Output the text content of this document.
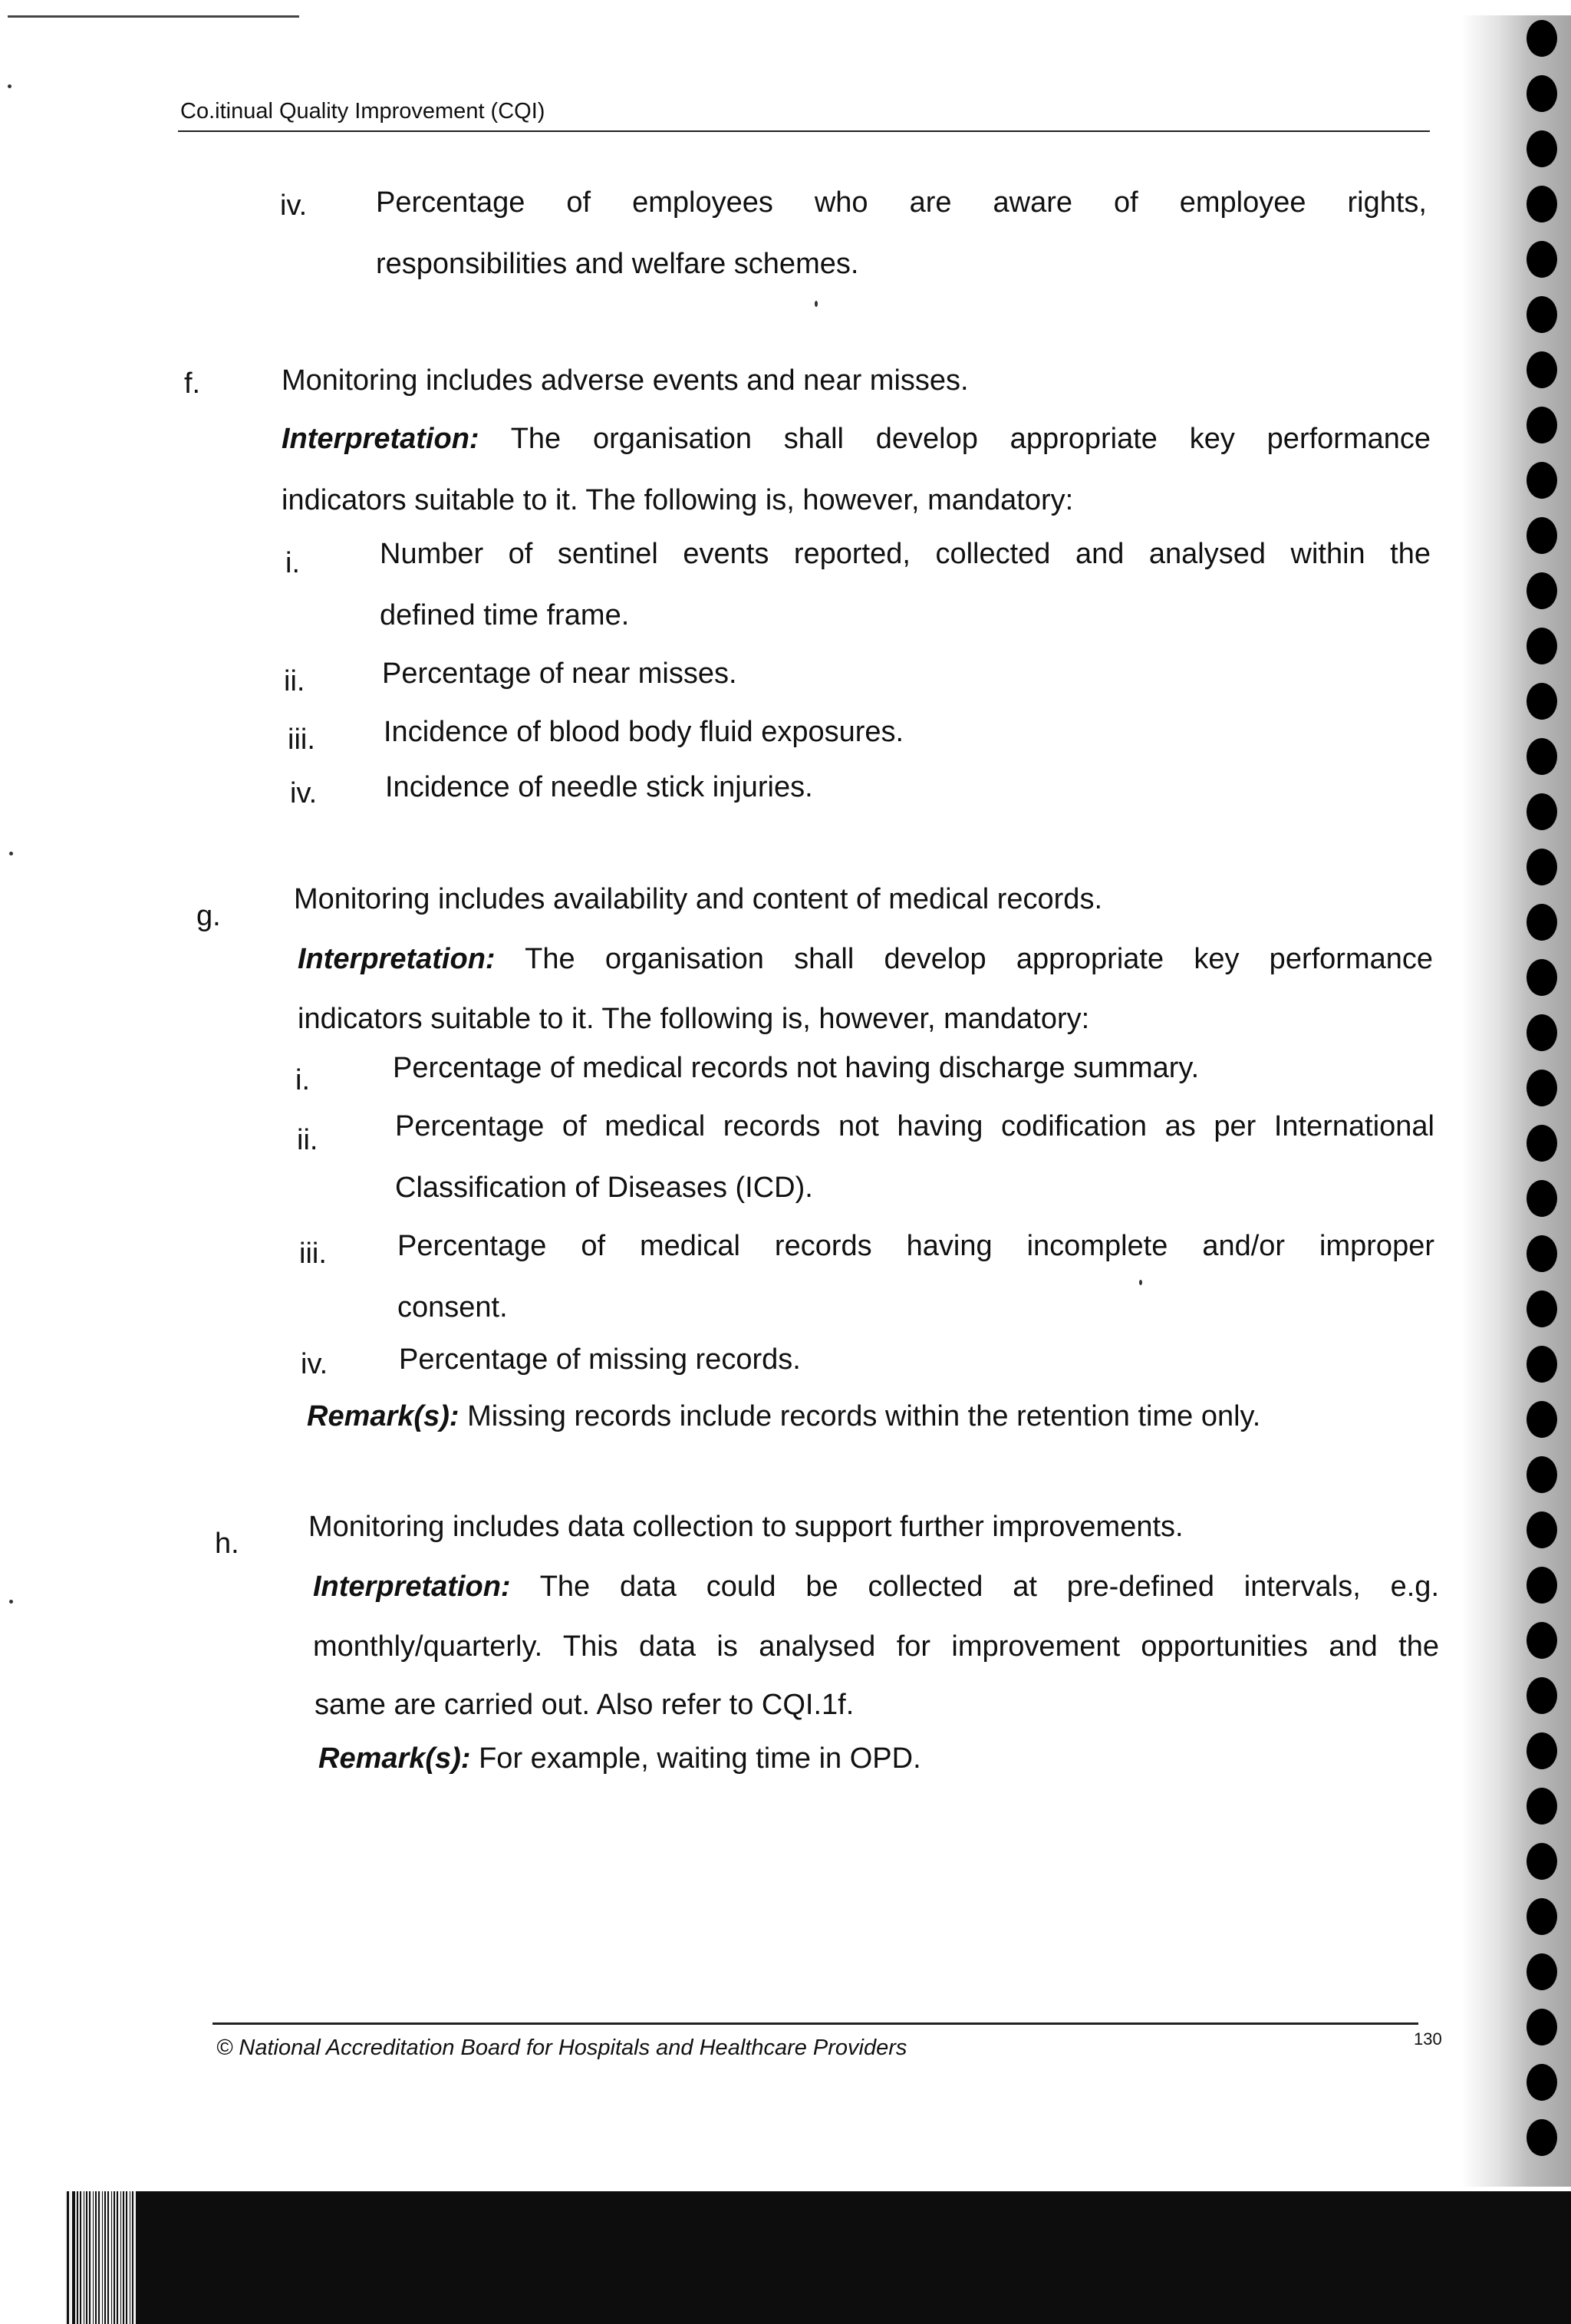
Co.itinual Quality Improvement (CQI)
iv. Percentage of employees who are aware of employee rights,
responsibilities and welfare schemes.
f.	Monitoring includes adverse events and near misses.
Interpretation: The organisation shall develop appropriate key performance
indicators suitable to it. The following is, however, mandatory:
i.	Number of sentinel events reported, collected and analysed within the
defined time frame.
ii.	Percentage of near misses.
iii. Incidence of blood body fluid exposures.
iv. Incidence of needle stick injuries.
g.
Monitoring includes availability and content of medical records.
Interpretation: The organisation shall develop appropriate key performance
indicators suitable to it. The following is, however, mandatory:
i.	Percentage of medical records not having discharge summary.
ii.	Percentage of medical records not having codification as per International
Classification of Diseases (ICD).
iii. Percentage of medical records having incomplete and/or improper
consent.
iv. Percentage of missing records.
Remark(s): Missing records include records within the retention time only.
h.
Monitoring includes data collection to support further improvements.
Interpretation: The data could be collected at pre-defined intervals, e.g.
monthly/quarterly. This data is analysed for improvement opportunities and the
same are carried out. Also refer to CQI.1f.
Remark(s): For example, waiting time in OPD.
© National Accreditation Board for Hospitals and Healthcare Providers	130
